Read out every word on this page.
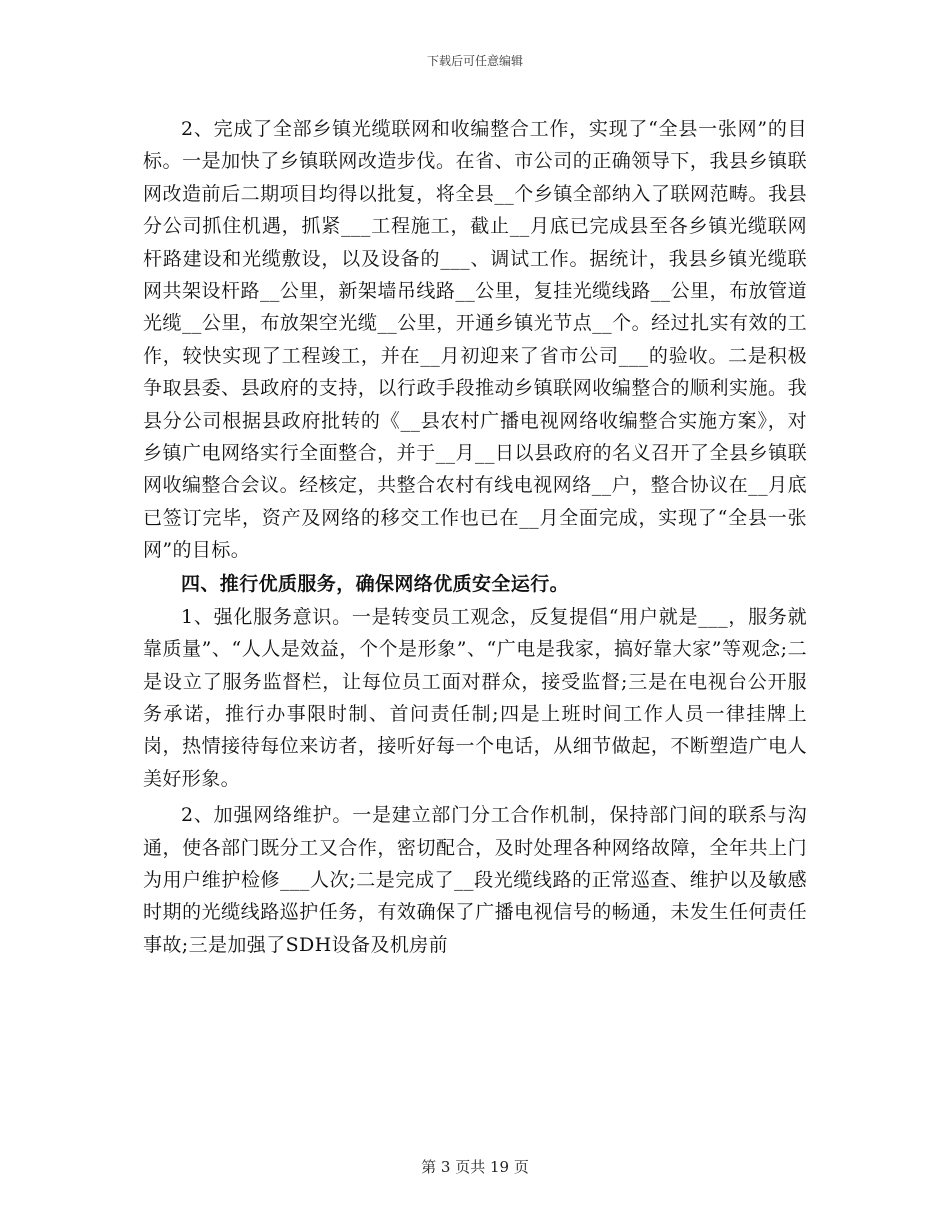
下载后可任意编辑

2、完成了全部乡镇光缆联网和收编整合工作，实现了“全县一张网”的目标。一是加快了乡镇联网改造步伐。在省、市公司的正确领导下，我县乡镇联网改造前后二期项目均得以批复，将全县__个乡镇全部纳入了联网范畴。我县分公司抓住机遇，抓紧___工程施工，截止__月底已完成县至各乡镇光缆联网杆路建设和光缆敷设，以及设备的___、调试工作。据统计，我县乡镇光缆联网共架设杆路__公里，新架墙吊线路__公里，复挂光缆线路__公里，布放管道光缆__公里，布放架空光缆__公里，开通乡镇光节点__个。经过扎实有效的工作，较快实现了工程竣工，并在__月初迎来了省市公司___的验收。二是积极争取县委、县政府的支持，以行政手段推动乡镇联网收编整合的顺利实施。我县分公司根据县政府批转的《__县农村广播电视网络收编整合实施方案》，对乡镇广电网络实行全面整合，并于__月__日以县政府的名义召开了全县乡镇联网收编整合会议。经核定，共整合农村有线电视网络__户，整合协议在__月底已签订完毕，资产及网络的移交工作也已在__月全面完成，实现了“全县一张网”的目标。

四、推行优质服务，确保网络优质安全运行。

1、强化服务意识。一是转变员工观念，反复提倡“用户就是___，服务就靠质量”、“人人是效益，个个是形象”、“广电是我家，搞好靠大家”等观念;二是设立了服务监督栏，让每位员工面对群众，接受监督;三是在电视台公开服务承诺，推行办事限时制、首问责任制;四是上班时间工作人员一律挂牌上岗，热情接待每位来访者，接听好每一个电话，从细节做起，不断塑造广电人美好形象。

2、加强网络维护。一是建立部门分工合作机制，保持部门间的联系与沟通，使各部门既分工又合作，密切配合，及时处理各种网络故障，全年共上门为用户维护检修___人次;二是完成了__段光缆线路的正常巡查、维护以及敏感时期的光缆线路巡护任务，有效确保了广播电视信号的畅通，未发生任何责任事故;三是加强了SDH设备及机房前

第 3 页共 19 页
